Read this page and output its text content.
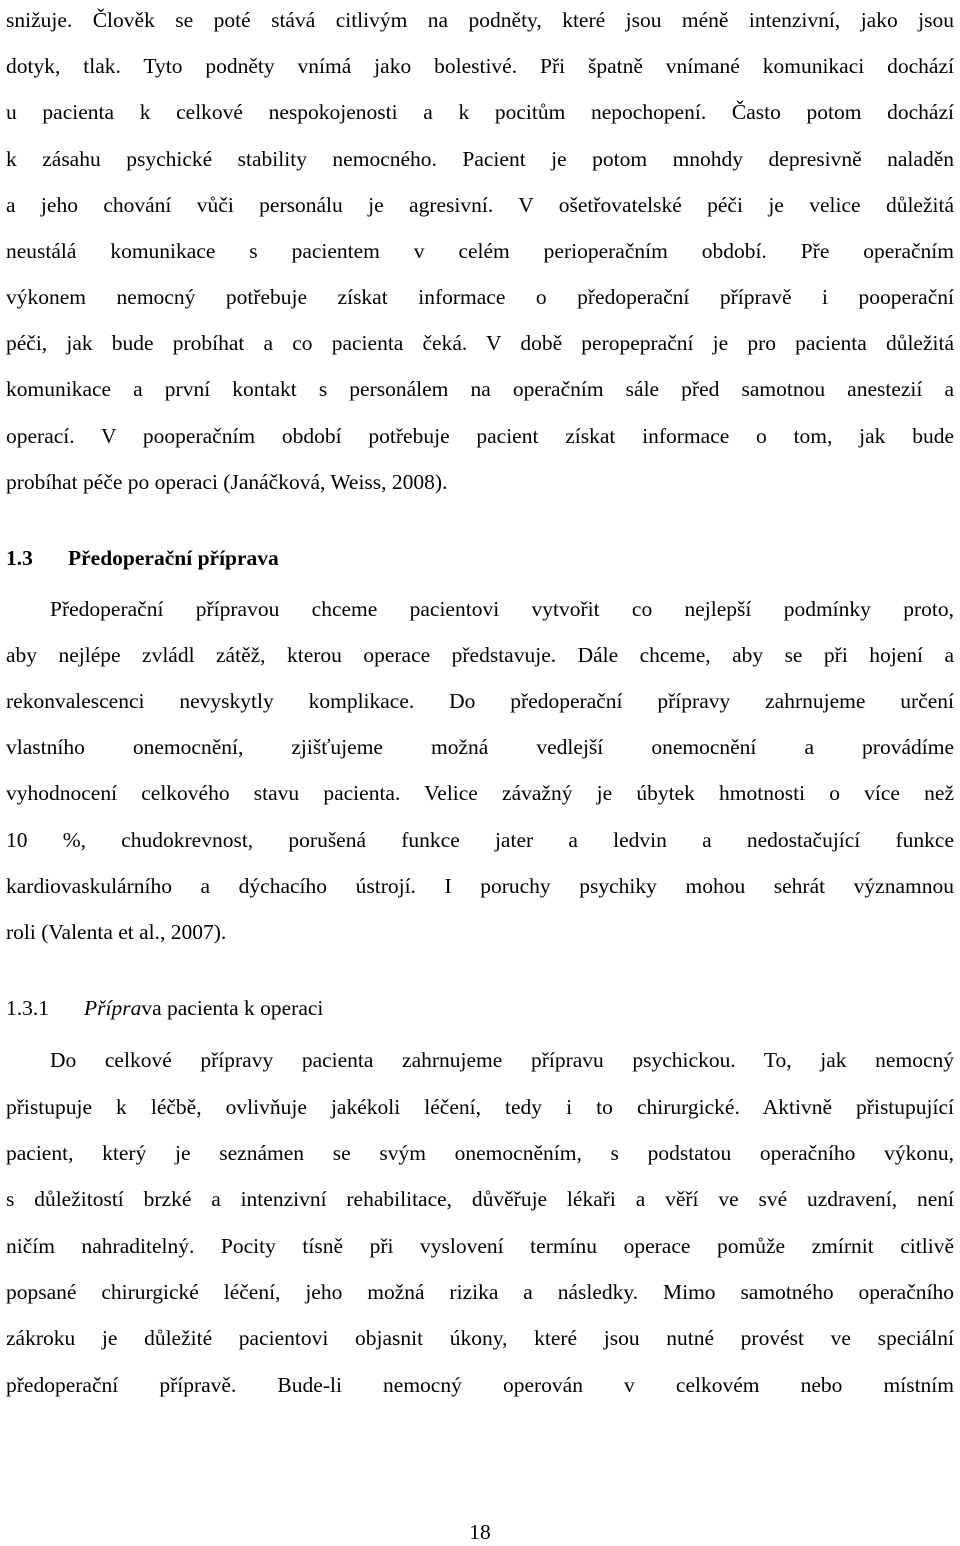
snižuje. Člověk se poté stává citlivým na podněty, které jsou méně intenzivní, jako jsou
dotyk, tlak. Tyto podněty vnímá jako bolestivé. Při špatně vnímané komunikaci dochází
u pacienta k celkové nespokojenosti a k pocitům nepochopení. Často potom dochází
k zásahu psychické stability nemocného. Pacient je potom mnohdy depresivně naladěn
a jeho chování vůči personálu je agresivní. V ošetřovatelské péči je velice důležitá
neustálá komunikace s pacientem v celém perioperačním období. Pře operačním
výkonem nemocný potřebuje získat informace o předoperační přípravě i pooperační
péči, jak bude probíhat a co pacienta čeká. V době peropeprační je pro pacienta důležitá
komunikace a první kontakt s personálem na operačním sále před samotnou anestezií a
operací. V pooperačním období potřebuje pacient získat informace o tom, jak bude
probíhat péče po operaci (Janáčková, Weiss, 2008).
1.3 Předoperační příprava
Předoperační přípravou chceme pacientovi vytvořit co nejlepší podmínky proto,
aby nejlépe zvládl zátěž, kterou operace představuje. Dále chceme, aby se při hojení a
rekonvalescenci nevyskytly komplikace. Do předoperační přípravy zahrnujeme určení
vlastního onemocnění, zjišťujeme možná vedlejší onemocnění a provádíme
vyhodnocení celkového stavu pacienta. Velice závažný je úbytek hmotnosti o více než
10 %, chudokrevnost, porušená funkce jater a ledvin a nedostačující funkce
kardiovaskulárního a dýchacího ústrojí. I poruchy psychiky mohou sehrát významnou
roli (Valenta et al., 2007).
1.3.1 Příprava pacienta k operaci
Do celkové přípravy pacienta zahrnujeme přípravu psychickou. To, jak nemocný
přistupuje k léčbě, ovlivňuje jakékoli léčení, tedy i to chirurgické. Aktivně přistupující
pacient, který je seznámen se svým onemocněním, s podstatou operačního výkonu,
s důležitostí brzké a intenzivní rehabilitace, důvěřuje lékaři a věří ve své uzdravení, není
ničím nahraditelný. Pocity tísně při vyslovení termínu operace pomůže zmírnit citlivě
popsané chirurgické léčení, jeho možná rizika a následky. Mimo samotného operačního
zákroku je důležité pacientovi objasnit úkony, které jsou nutné provést ve speciální
předoperační přípravě. Bude-li nemocný operován v celkovém nebo místním
18
